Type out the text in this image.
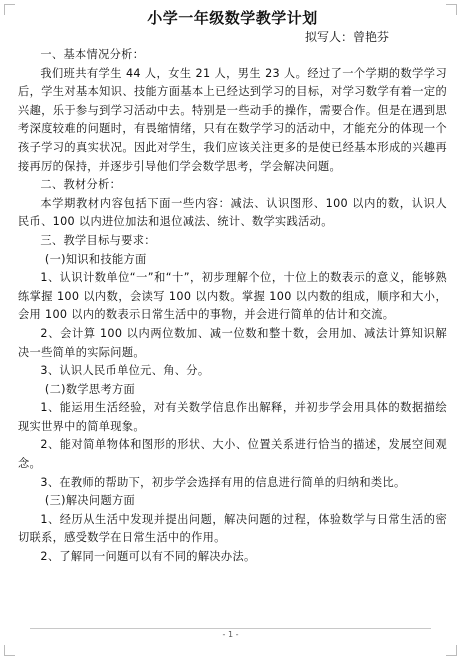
小学一年级数学教学计划

拟写人：曾艳芬

一、基本情况分析：

我们班共有学生 44 人，女生 21 人，男生 23 人。经过了一个学期的数学学习后，学生对基本知识、技能方面基本上已经达到学习的目标，对学习数学有着一定的兴趣，乐于参与到学习活动中去。特别是一些动手的操作，需要合作。但是在遇到思考深度较难的问题时，有畏缩情绪，只有在数学学习的活动中，才能充分的体现一个孩子学习的真实状况。因此对学生，我们应该关注更多的是使已经基本形成的兴趣再接再厉的保持，并逐步引导他们学会数学思考，学会解决问题。

二、教材分析：

本学期教材内容包括下面一些内容：减法、认识图形、100 以内的数，认识人民币、100 以内进位加法和退位减法、统计、数学实践活动。

三、教学目标与要求：

(一)知识和技能方面

1、认识计数单位“一”和“十”，初步理解个位，十位上的数表示的意义，能够熟练掌握 100 以内数，会读写 100 以内数。掌握 100 以内数的组成，顺序和大小，会用 100 以内的数表示日常生活中的事物，并会进行简单的估计和交流。

2、会计算 100 以内两位数加、减一位数和整十数，会用加、减法计算知识解决一些简单的实际问题。

3、认识人民币单位元、角、分。

(二)数学思考方面

1、能运用生活经验，对有关数学信息作出解释，并初步学会用具体的数据描绘现实世界中的简单现象。

2、能对简单物体和图形的形状、大小、位置关系进行恰当的描述，发展空间观念。

3、在教师的帮助下，初步学会选择有用的信息进行简单的归纳和类比。

(三)解决问题方面

1、经历从生活中发现并提出问题，解决问题的过程，体验数学与日常生活的密切联系，感受数学在日常生活中的作用。

2、了解同一问题可以有不同的解决办法。

- 1 -
